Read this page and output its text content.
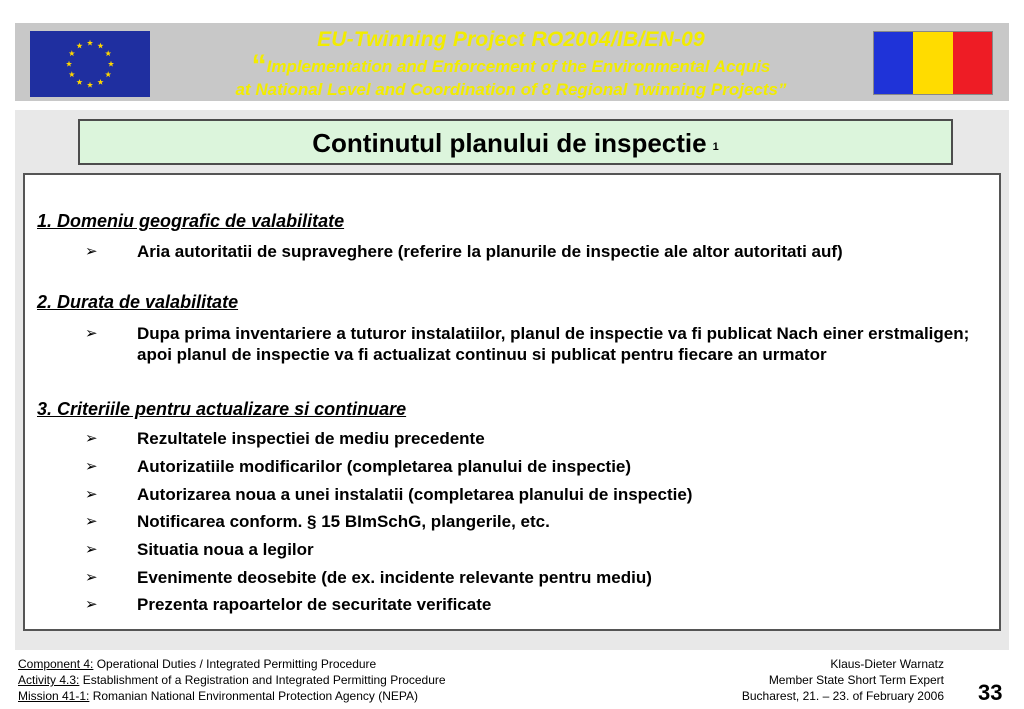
EU-Twinning Project RO2004/IB/EN-09
“Implementation and Enforcement of the Environmental Acquis
at National Level and Coordination of 8 Regional Twinning Projects”
Continutul planului de inspectie 1
1. Domeniu geografic de valabilitate
➢	Aria autoritatii de supraveghere (referire la planurile de inspectie ale altor autoritati auf)
2. Durata de valabilitate
➢	Dupa prima inventariere a tuturor instalatiilor, planul de inspectie va fi publicat Nach einer erstmaligen; apoi planul de inspectie va fi actualizat continuu si publicat pentru fiecare an urmator
3. Criteriile pentru actualizare si continuare
➢	Rezultatele inspectiei de mediu precedente
➢	Autorizatiile modificarilor (completarea planului de inspectie)
➢	Autorizarea noua a unei instalatii (completarea planului de inspectie)
➢	Notificarea conform. § 15 BImSchG, plangerile, etc.
➢	Situatia noua a legilor
➢	Evenimente deosebite (de ex. incidente relevante pentru mediu)
➢	Prezenta rapoartelor de securitate verificate
Component 4: Operational Duties / Integrated Permitting Procedure
Activity 4.3: Establishment of a Registration and Integrated Permitting Procedure
Mission 41-1: Romanian National Environmental Protection Agency (NEPA)
Klaus-Dieter Warnatz
Member State Short Term Expert
Bucharest, 21. – 23. of February 2006 33
